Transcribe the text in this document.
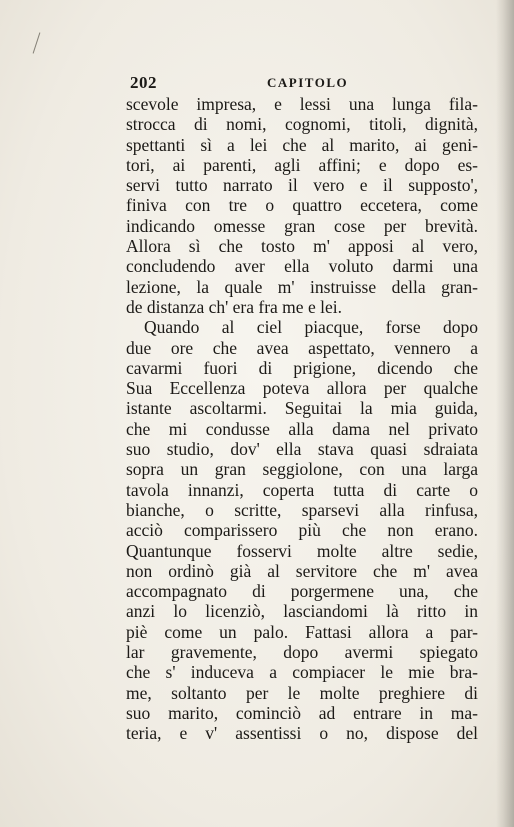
202	CAPITOLO
scevole impresa, e lessi una lunga fila-
strocca di nomi, cognomi, titoli, dignità,
spettanti sì a lei che al marito, ai geni-
tori, ai parenti, agli affini; e dopo es-
servi tutto narrato il vero e il supposto',
finiva con tre o quattro eccetera, come
indicando omesse gran cose per brevità.
Allora sì che tosto m' apposi al vero,
concludendo aver ella voluto darmi una
lezione, la quale m' instruisse della gran-
de distanza ch' era fra me e lei.
Quando al ciel piacque, forse dopo
due ore che avea aspettato, vennero a
cavarmi fuori di prigione, dicendo che
Sua Eccellenza poteva allora per qualche
istante ascoltarmi. Seguitai la mia guida,
che mi condusse alla dama nel privato
suo studio, dov' ella stava quasi sdraiata
sopra un gran seggiolone, con una larga
tavola innanzi, coperta tutta di carte o
bianche, o scritte, sparsevi alla rinfusa,
acciò comparissero più che non erano.
Quantunque fosservi molte altre sedie,
non ordinò già al servitore che m' avea
accompagnato di porgermene una, che
anzi lo licenziò, lasciandomi là ritto in
piè come un palo. Fattasi allora a par-
lar gravemente, dopo avermi spiegato
che s' induceva a compiacer le mie bra-
me, soltanto per le molte preghiere di
suo marito, cominciò ad entrare in ma-
teria, e v' assentissi o no, dispose del
